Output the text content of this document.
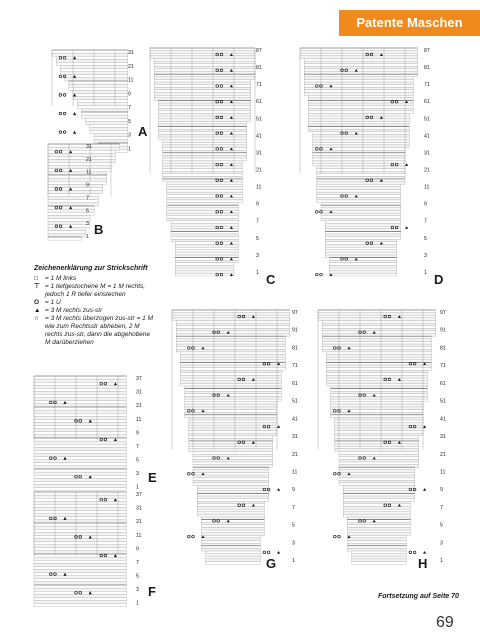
Patente Maschen
31
21
11
9
7
5
3
1
31
21
11
9
7
5
3
1
87
81
71
61
51
41
31
21
11
9
7
5
3
1
87
81
71
61
51
41
31
21
11
9
7
5
3
1
37
31
21
11
9
7
5
3
1
37
31
21
11
9
7
5
3
1
97
91
81
71
61
51
41
31
21
11
9
7
5
3
1
97
91
81
71
61
51
41
31
21
11
9
7
5
3
1
A
B
C	D
E
F
G	H
Zeichenerklärung zur Strickschrift
□	= 1 M links
⊤ = 1 tiefgestochene M = 1 M rechts, jedoch 1 R tiefer einstechen
O = 1 U
▲ = 3 M rechts zus-str
∩ = 3 M rechts überzogen zus-str = 1 M wie zum Rechtsstr abheben, 2 M rechts zus-str, dann die abgehobene M darüberziehen
Fortsetzung auf Seite 70
69
